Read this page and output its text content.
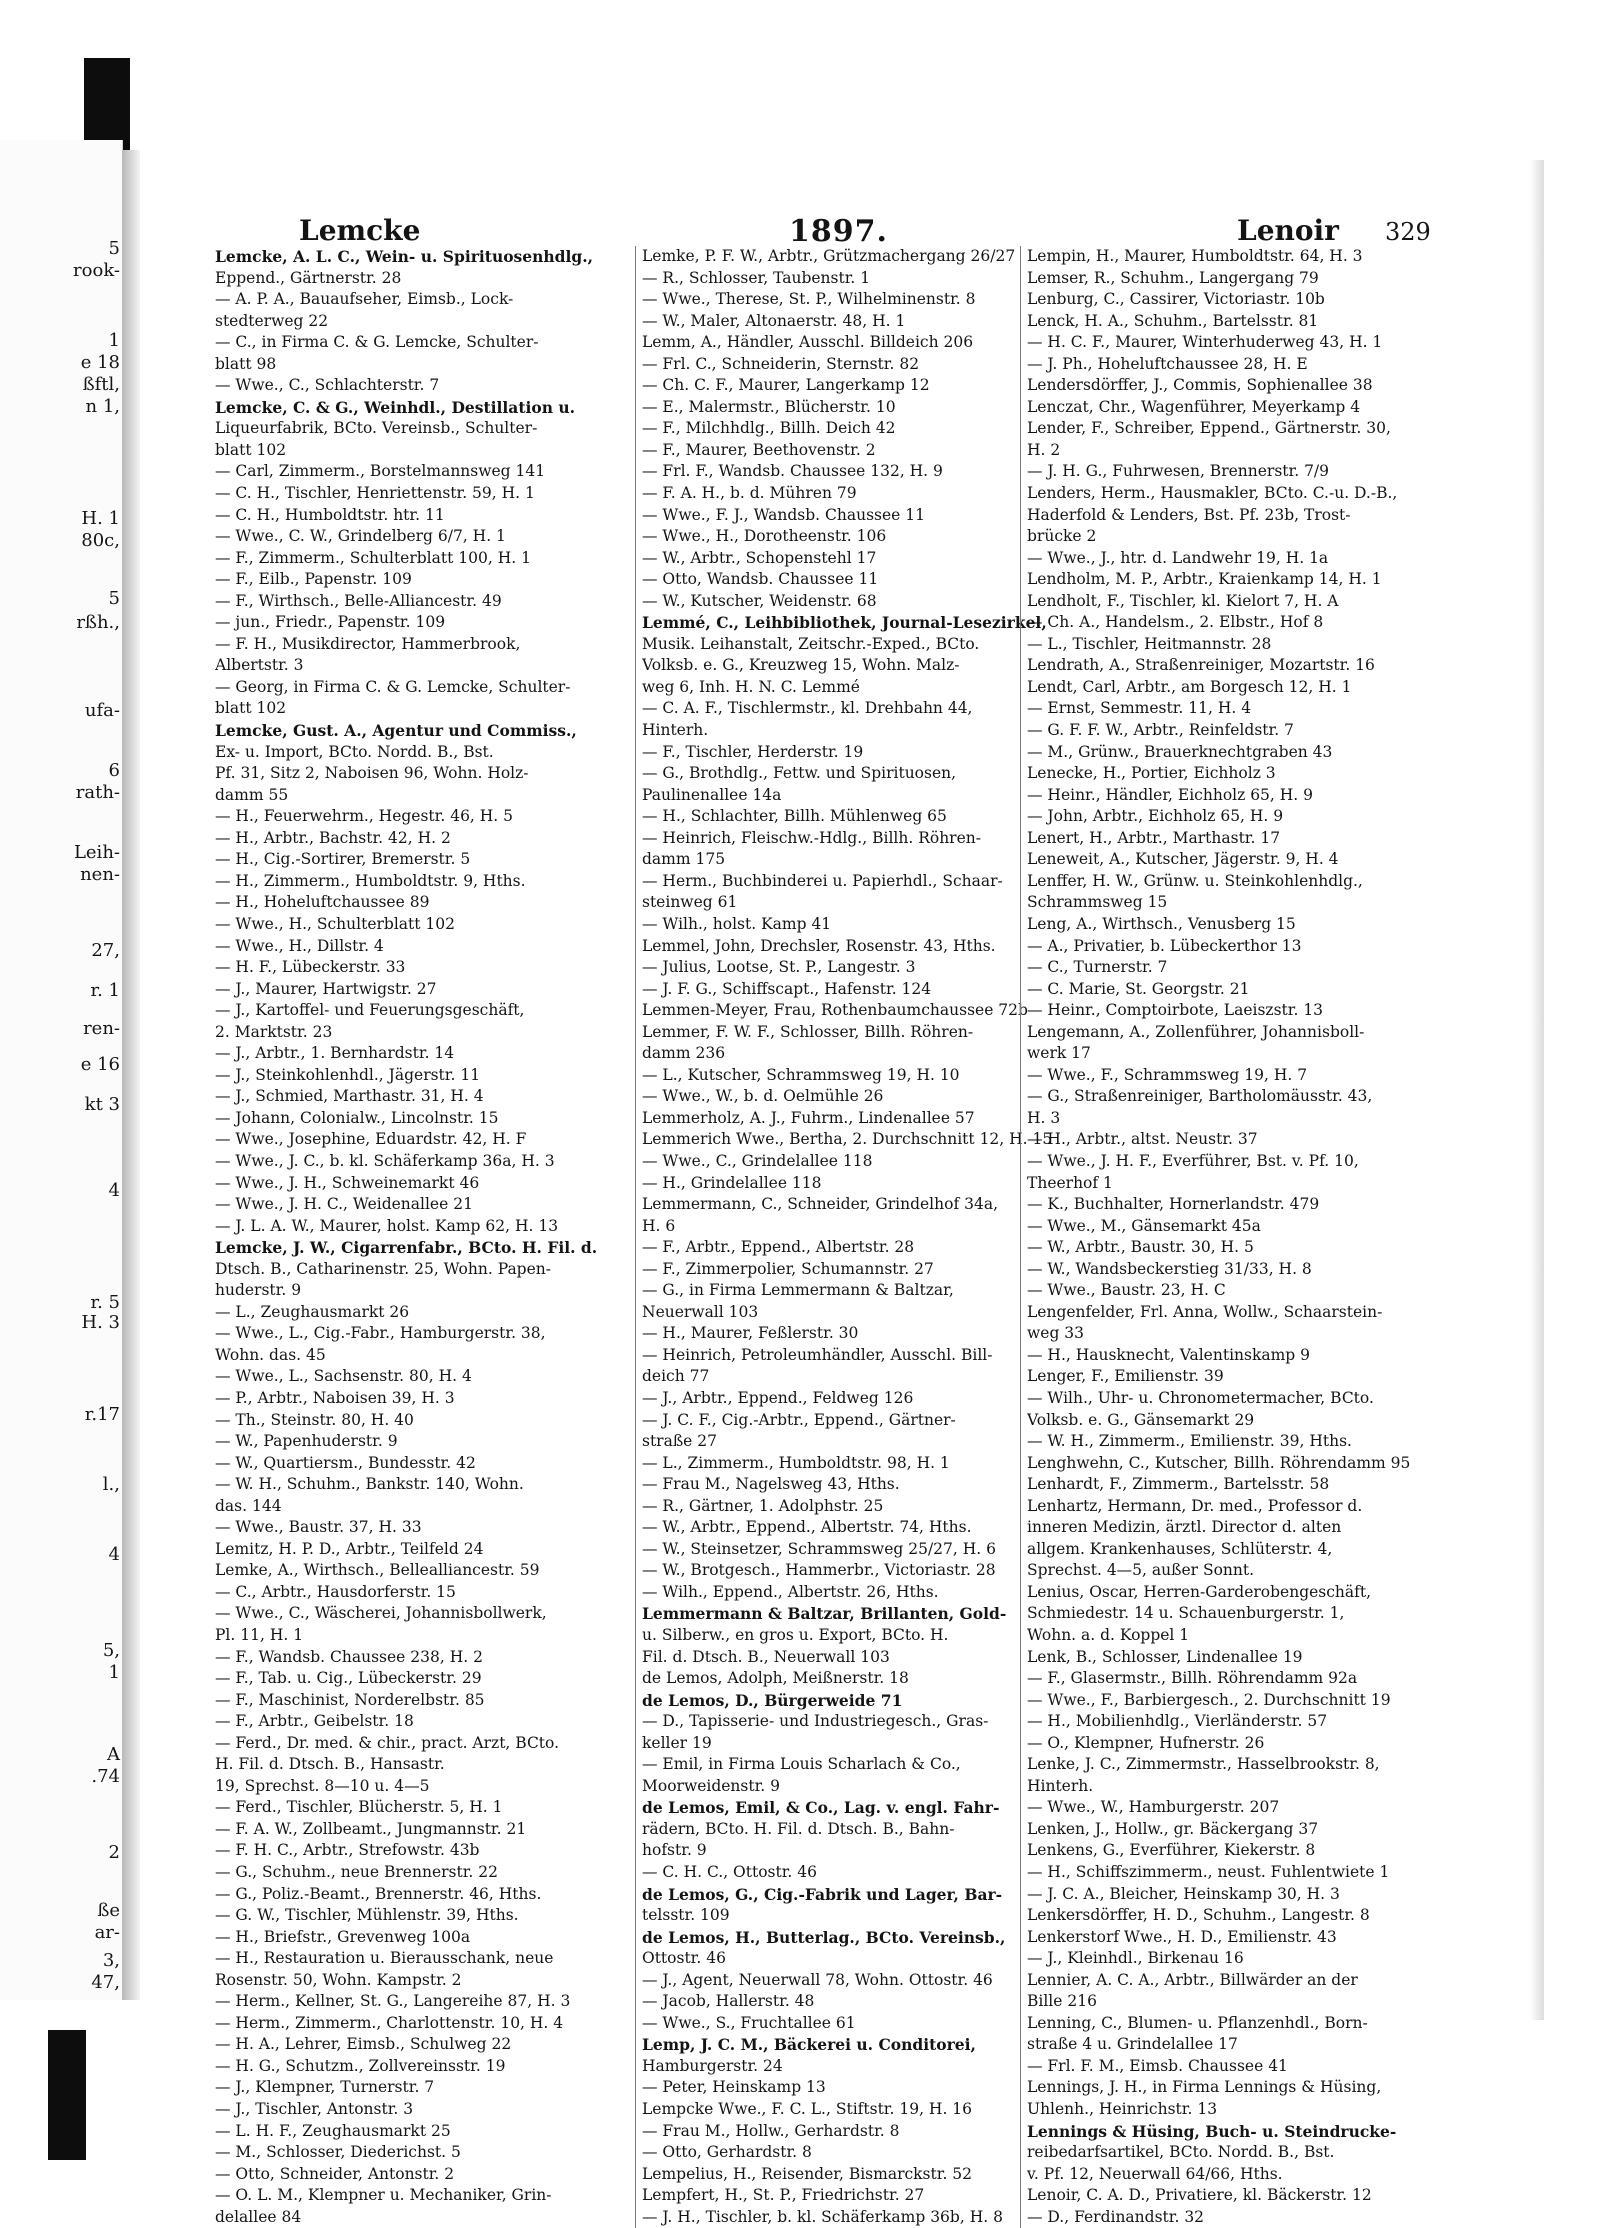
5
rook-
1
e 18
ßftl,
n 1,
H. 1
80c,
5
rßh.,
ufa-
6
rath-
Leih-
nen-
27,
r. 1
ren-
e 16
kt 3
4
r. 5
H. 3
r.17
l.,
4
5,
1
A
.74
2
ße
ar-
3,
47,
Lemcke	1897.	Lenoir 329
Lemcke, A. L. C., Wein- u. Spirituosenhdlg.,
Eppend., Gärtnerstr. 28
— A. P. A., Bauaufseher, Eimsb., Lock-
stedterweg 22
— C., in Firma C. & G. Lemcke, Schulter-
blatt 98
— Wwe., C., Schlachterstr. 7
Lemcke, C. & G., Weinhdl., Destillation u.
Liqueurfabrik, BCto. Vereinsb., Schulter-
blatt 102
— Carl, Zimmerm., Borstelmannsweg 141
— C. H., Tischler, Henriettenstr. 59, H. 1
— C. H., Humboldtstr. htr. 11
— Wwe., C. W., Grindelberg 6/7, H. 1
— F., Zimmerm., Schulterblatt 100, H. 1
— F., Eilb., Papenstr. 109
— F., Wirthsch., Belle-Alliancestr. 49
— jun., Friedr., Papenstr. 109
— F. H., Musikdirector, Hammerbrook,
Albertstr. 3
— Georg, in Firma C. & G. Lemcke, Schulter-
blatt 102
Lemcke, Gust. A., Agentur und Commiss.,
Ex- u. Import, BCto. Nordd. B., Bst.
Pf. 31, Sitz 2, Naboisen 96, Wohn. Holz-
damm 55
— H., Feuerwehrm., Hegestr. 46, H. 5
— H., Arbtr., Bachstr. 42, H. 2
— H., Cig.-Sortirer, Bremerstr. 5
— H., Zimmerm., Humboldtstr. 9, Hths.
— H., Hoheluftchaussee 89
— Wwe., H., Schulterblatt 102
— Wwe., H., Dillstr. 4
— H. F., Lübeckerstr. 33
— J., Maurer, Hartwigstr. 27
— J., Kartoffel- und Feuerungsgeschäft,
2. Marktstr. 23
— J., Arbtr., 1. Bernhardstr. 14
— J., Steinkohlenhdl., Jägerstr. 11
— J., Schmied, Marthastr. 31, H. 4
— Johann, Colonialw., Lincolnstr. 15
— Wwe., Josephine, Eduardstr. 42, H. F
— Wwe., J. C., b. kl. Schäferkamp 36a, H. 3
— Wwe., J. H., Schweinemarkt 46
— Wwe., J. H. C., Weidenallee 21
— J. L. A. W., Maurer, holst. Kamp 62, H. 13
Lemcke, J. W., Cigarrenfabr., BCto. H. Fil. d.
Dtsch. B., Catharinenstr. 25, Wohn. Papen-
huderstr. 9
— L., Zeughausmarkt 26
— Wwe., L., Cig.-Fabr., Hamburgerstr. 38,
Wohn. das. 45
— Wwe., L., Sachsenstr. 80, H. 4
— P., Arbtr., Naboisen 39, H. 3
— Th., Steinstr. 80, H. 40
— W., Papenhuderstr. 9
— W., Quartiersm., Bundesstr. 42
— W. H., Schuhm., Bankstr. 140, Wohn.
das. 144
— Wwe., Baustr. 37, H. 33
Lemitz, H. P. D., Arbtr., Teilfeld 24
Lemke, A., Wirthsch., Bellealliancestr. 59
— C., Arbtr., Hausdorferstr. 15
— Wwe., C., Wäscherei, Johannisbollwerk,
Pl. 11, H. 1
— F., Wandsb. Chaussee 238, H. 2
— F., Tab. u. Cig., Lübeckerstr. 29
— F., Maschinist, Norderelbstr. 85
— F., Arbtr., Geibelstr. 18
— Ferd., Dr. med. & chir., pract. Arzt, BCto.
H. Fil. d. Dtsch. B., Hansastr.
19, Sprechst. 8—10 u. 4—5
— Ferd., Tischler, Blücherstr. 5, H. 1
— F. A. W., Zollbeamt., Jungmannstr. 21
— F. H. C., Arbtr., Strefowstr. 43b
— G., Schuhm., neue Brennerstr. 22
— G., Poliz.-Beamt., Brennerstr. 46, Hths.
— G. W., Tischler, Mühlenstr. 39, Hths.
— H., Briefstr., Grevenweg 100a
— H., Restauration u. Bierausschank, neue
Rosenstr. 50, Wohn. Kampstr. 2
— Herm., Kellner, St. G., Langereihe 87, H. 3
— Herm., Zimmerm., Charlottenstr. 10, H. 4
— H. A., Lehrer, Eimsb., Schulweg 22
— H. G., Schutzm., Zollvereinsstr. 19
— J., Klempner, Turnerstr. 7
— J., Tischler, Antonstr. 3
— L. H. F., Zeughausmarkt 25
— M., Schlosser, Diederichst. 5
— Otto, Schneider, Antonstr. 2
— O. L. M., Klempner u. Mechaniker, Grin-
delallee 84
Lemke, P. F. W., Arbtr., Grützmachergang 26/27
— R., Schlosser, Taubenstr. 1
— Wwe., Therese, St. P., Wilhelminenstr. 8
— W., Maler, Altonaerstr. 48, H. 1
Lemm, A., Händler, Ausschl. Billdeich 206
— Frl. C., Schneiderin, Sternstr. 82
— Ch. C. F., Maurer, Langerkamp 12
— E., Malermstr., Blücherstr. 10
— F., Milchhdlg., Billh. Deich 42
— F., Maurer, Beethovenstr. 2
— Frl. F., Wandsb. Chaussee 132, H. 9
— F. A. H., b. d. Mühren 79
— Wwe., F. J., Wandsb. Chaussee 11
— Wwe., H., Dorotheenstr. 106
— W., Arbtr., Schopenstehl 17
— Otto, Wandsb. Chaussee 11
— W., Kutscher, Weidenstr. 68
Lemmé, C., Leihbibliothek, Journal-Lesezirkel,
Musik. Leihanstalt, Zeitschr.-Exped., BCto.
Volksb. e. G., Kreuzweg 15, Wohn. Malz-
weg 6, Inh. H. N. C. Lemmé
— C. A. F., Tischlermstr., kl. Drehbahn 44,
Hinterh.
— F., Tischler, Herderstr. 19
— G., Brothdlg., Fettw. und Spirituosen,
Paulinenallee 14a
— H., Schlachter, Billh. Mühlenweg 65
— Heinrich, Fleischw.-Hdlg., Billh. Röhren-
damm 175
— Herm., Buchbinderei u. Papierhdl., Schaar-
steinweg 61
— Wilh., holst. Kamp 41
Lemmel, John, Drechsler, Rosenstr. 43, Hths.
— Julius, Lootse, St. P., Langestr. 3
— J. F. G., Schiffscapt., Hafenstr. 124
Lemmen-Meyer, Frau, Rothenbaumchaussee 72b
Lemmer, F. W. F., Schlosser, Billh. Röhren-
damm 236
— L., Kutscher, Schrammsweg 19, H. 10
— Wwe., W., b. d. Oelmühle 26
Lemmerholz, A. J., Fuhrm., Lindenallee 57
Lemmerich Wwe., Bertha, 2. Durchschnitt 12, H. 15
— Wwe., C., Grindelallee 118
— H., Grindelallee 118
Lemmermann, C., Schneider, Grindelhof 34a,
H. 6
— F., Arbtr., Eppend., Albertstr. 28
— F., Zimmerpolier, Schumannstr. 27
— G., in Firma Lemmermann & Baltzar,
Neuerwall 103
— H., Maurer, Feßlerstr. 30
— Heinrich, Petroleumhändler, Ausschl. Bill-
deich 77
— J., Arbtr., Eppend., Feldweg 126
— J. C. F., Cig.-Arbtr., Eppend., Gärtner-
straße 27
— L., Zimmerm., Humboldtstr. 98, H. 1
— Frau M., Nagelsweg 43, Hths.
— R., Gärtner, 1. Adolphstr. 25
— W., Arbtr., Eppend., Albertstr. 74, Hths.
— W., Steinsetzer, Schrammsweg 25/27, H. 6
— W., Brotgesch., Hammerbr., Victoriastr. 28
— Wilh., Eppend., Albertstr. 26, Hths.
Lemmermann & Baltzar, Brillanten, Gold-
u. Silberw., en gros u. Export, BCto. H.
Fil. d. Dtsch. B., Neuerwall 103
de Lemos, Adolph, Meißnerstr. 18
de Lemos, D., Bürgerweide 71
— D., Tapisserie- und Industriegesch., Gras-
keller 19
— Emil, in Firma Louis Scharlach & Co.,
Moorweidenstr. 9
de Lemos, Emil, & Co., Lag. v. engl. Fahr-
rädern, BCto. H. Fil. d. Dtsch. B., Bahn-
hofstr. 9
— C. H. C., Ottostr. 46
de Lemos, G., Cig.-Fabrik und Lager, Bar-
telsstr. 109
de Lemos, H., Butterlag., BCto. Vereinsb.,
Ottostr. 46
— J., Agent, Neuerwall 78, Wohn. Ottostr. 46
— Jacob, Hallerstr. 48
— Wwe., S., Fruchtallee 61
Lemp, J. C. M., Bäckerei u. Conditorei,
Hamburgerstr. 24
— Peter, Heinskamp 13
Lempcke Wwe., F. C. L., Stiftstr. 19, H. 16
— Frau M., Hollw., Gerhardstr. 8
— Otto, Gerhardstr. 8
Lempelius, H., Reisender, Bismarckstr. 52
Lempfert, H., St. P., Friedrichstr. 27
— J. H., Tischler, b. kl. Schäferkamp 36b, H. 8
Lempin, H., Maurer, Humboldtstr. 64, H. 3
Lemser, R., Schuhm., Langergang 79
Lenburg, C., Cassirer, Victoriastr. 10b
Lenck, H. A., Schuhm., Bartelsstr. 81
— H. C. F., Maurer, Winterhuderweg 43, H. 1
— J. Ph., Hoheluftchaussee 28, H. E
Lendersdörffer, J., Commis, Sophienallee 38
Lenczat, Chr., Wagenführer, Meyerkamp 4
Lender, F., Schreiber, Eppend., Gärtnerstr. 30,
H. 2
— J. H. G., Fuhrwesen, Brennerstr. 7/9
Lenders, Herm., Hausmakler, BCto. C.-u. D.-B.,
Haderfold & Lenders, Bst. Pf. 23b, Trost-
brücke 2
— Wwe., J., htr. d. Landwehr 19, H. 1a
Lendholm, M. P., Arbtr., Kraienkamp 14, H. 1
Lendholt, F., Tischler, kl. Kielort 7, H. A
— Ch. A., Handelsm., 2. Elbstr., Hof 8
— L., Tischler, Heitmannstr. 28
Lendrath, A., Straßenreiniger, Mozartstr. 16
Lendt, Carl, Arbtr., am Borgesch 12, H. 1
— Ernst, Semmestr. 11, H. 4
— G. F. F. W., Arbtr., Reinfeldstr. 7
— M., Grünw., Brauerknechtgraben 43
Lenecke, H., Portier, Eichholz 3
— Heinr., Händler, Eichholz 65, H. 9
— John, Arbtr., Eichholz 65, H. 9
Lenert, H., Arbtr., Marthastr. 17
Leneweit, A., Kutscher, Jägerstr. 9, H. 4
Lenffer, H. W., Grünw. u. Steinkohlenhdlg.,
Schrammsweg 15
Leng, A., Wirthsch., Venusberg 15
— A., Privatier, b. Lübeckerthor 13
— C., Turnerstr. 7
— C. Marie, St. Georgstr. 21
— Heinr., Comptoirbote, Laeiszstr. 13
Lengemann, A., Zollenführer, Johannisboll-
werk 17
— Wwe., F., Schrammsweg 19, H. 7
— G., Straßenreiniger, Bartholomäusstr. 43,
H. 3
— H., Arbtr., altst. Neustr. 37
— Wwe., J. H. F., Everführer, Bst. v. Pf. 10,
Theerhof 1
— K., Buchhalter, Hornerlandstr. 479
— Wwe., M., Gänsemarkt 45a
— W., Arbtr., Baustr. 30, H. 5
— W., Wandsbeckerstieg 31/33, H. 8
— Wwe., Baustr. 23, H. C
Lengenfelder, Frl. Anna, Wollw., Schaarstein-
weg 33
— H., Hausknecht, Valentinskamp 9
Lenger, F., Emilienstr. 39
— Wilh., Uhr- u. Chronometermacher, BCto.
Volksb. e. G., Gänsemarkt 29
— W. H., Zimmerm., Emilienstr. 39, Hths.
Lenghwehn, C., Kutscher, Billh. Röhrendamm 95
Lenhardt, F., Zimmerm., Bartelsstr. 58
Lenhartz, Hermann, Dr. med., Professor d.
inneren Medizin, ärztl. Director d. alten
allgem. Krankenhauses, Schlüterstr. 4,
Sprechst. 4—5, außer Sonnt.
Lenius, Oscar, Herren-Garderobengeschäft,
Schmiedestr. 14 u. Schauenburgerstr. 1,
Wohn. a. d. Koppel 1
Lenk, B., Schlosser, Lindenallee 19
— F., Glasermstr., Billh. Röhrendamm 92a
— Wwe., F., Barbiergesch., 2. Durchschnitt 19
— H., Mobilienhdlg., Vierländerstr. 57
— O., Klempner, Hufnerstr. 26
Lenke, J. C., Zimmermstr., Hasselbrookstr. 8,
Hinterh.
— Wwe., W., Hamburgerstr. 207
Lenken, J., Hollw., gr. Bäckergang 37
Lenkens, G., Everführer, Kiekerstr. 8
— H., Schiffszimmerm., neust. Fuhlentwiete 1
— J. C. A., Bleicher, Heinskamp 30, H. 3
Lenkersdörffer, H. D., Schuhm., Langestr. 8
Lenkerstorf Wwe., H. D., Emilienstr. 43
— J., Kleinhdl., Birkenau 16
Lennier, A. C. A., Arbtr., Billwärder an der
Bille 216
Lenning, C., Blumen- u. Pflanzenhdl., Born-
straße 4 u. Grindelallee 17
— Frl. F. M., Eimsb. Chaussee 41
Lennings, J. H., in Firma Lennings & Hüsing,
Uhlenh., Heinrichstr. 13
Lennings & Hüsing, Buch- u. Steindrucke-
reibedarfsartikel, BCto. Nordd. B., Bst.
v. Pf. 12, Neuerwall 64/66, Hths.
Lenoir, C. A. D., Privatiere, kl. Bäckerstr. 12
— D., Ferdinandstr. 32
